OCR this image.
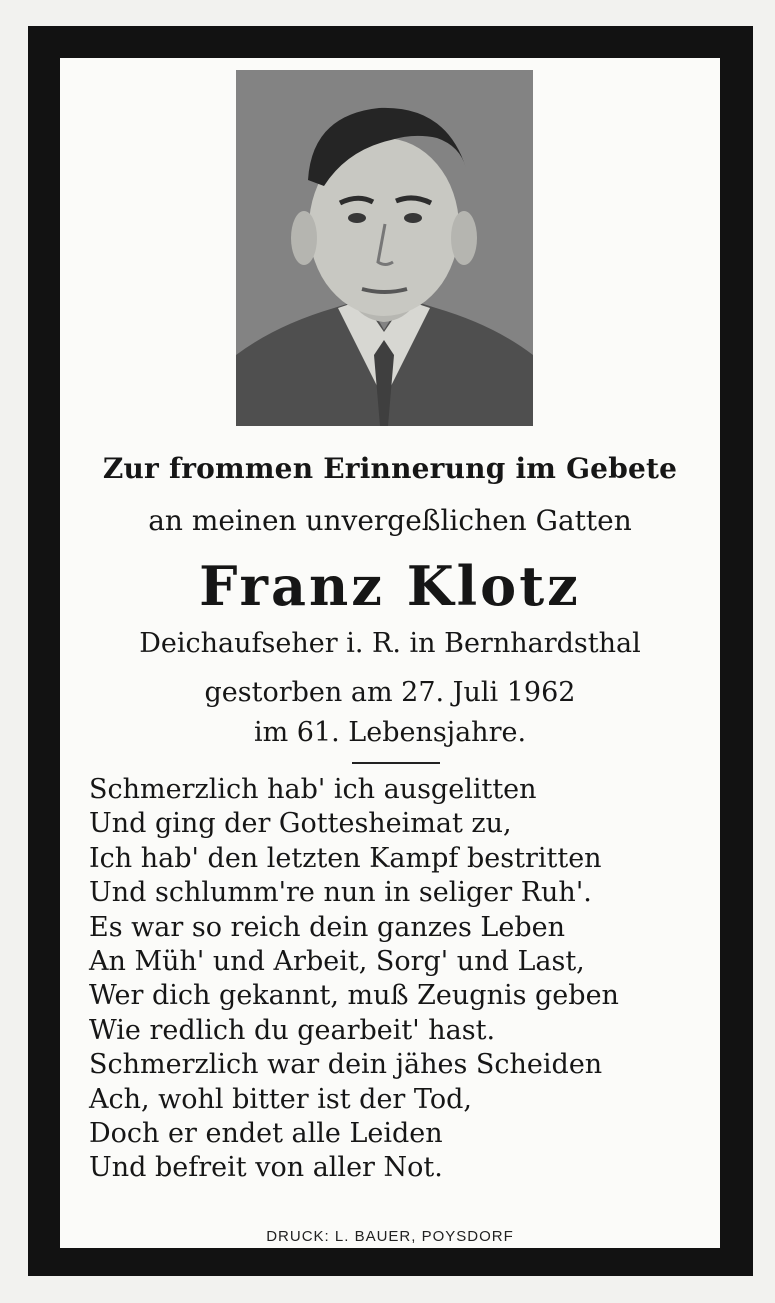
Zur frommen Erinnerung im Gebete
an meinen unvergeßlichen Gatten
Franz Klotz
Deichaufseher i. R. in Bernhardsthal
gestorben am 27. Juli 1962
im 61. Lebensjahre.
Schmerzlich hab' ich ausgelitten
Und ging der Gottesheimat zu,
Ich hab' den letzten Kampf bestritten
Und schlumm're nun in seliger Ruh'.
Es war so reich dein ganzes Leben
An Müh' und Arbeit, Sorg' und Last,
Wer dich gekannt, muß Zeugnis geben
Wie redlich du gearbeit' hast.
Schmerzlich war dein jähes Scheiden
Ach, wohl bitter ist der Tod,
Doch er endet alle Leiden
Und befreit von aller Not.
DRUCK: L. BAUER, POYSDORF
